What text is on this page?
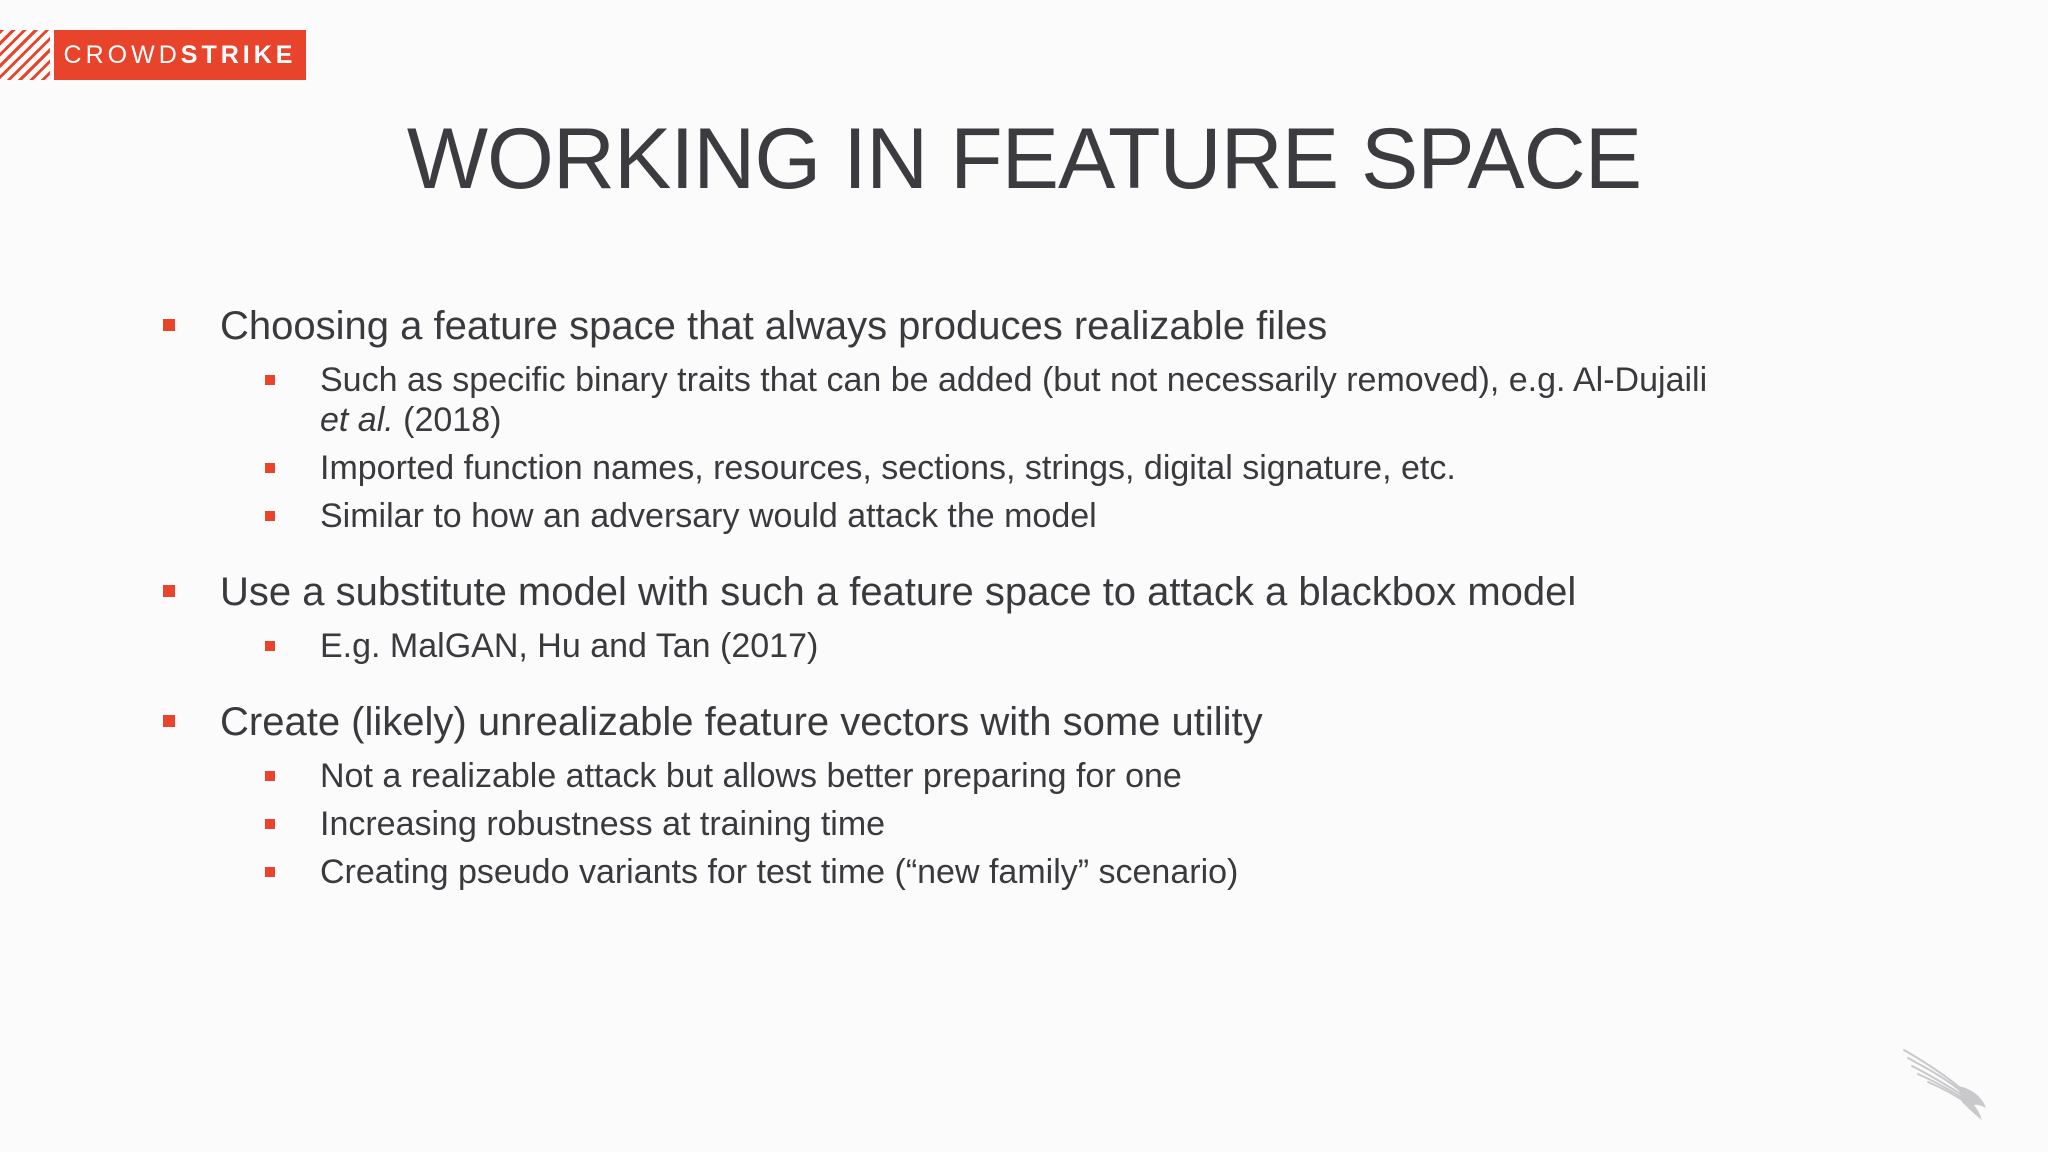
CROWD STRIKE
WORKING IN FEATURE SPACE
Choosing a feature space that always produces realizable files
Such as specific binary traits that can be added (but not necessarily removed), e.g. Al-Dujaili
et al. (2018)
Imported function names, resources, sections, strings, digital signature, etc.
Similar to how an adversary would attack the model
Use a substitute model with such a feature space to attack a blackbox model
E.g. MalGAN, Hu and Tan (2017)
Create (likely) unrealizable feature vectors with some utility
Not a realizable attack but allows better preparing for one
Increasing robustness at training time
Creating pseudo variants for test time (“new family” scenario)
